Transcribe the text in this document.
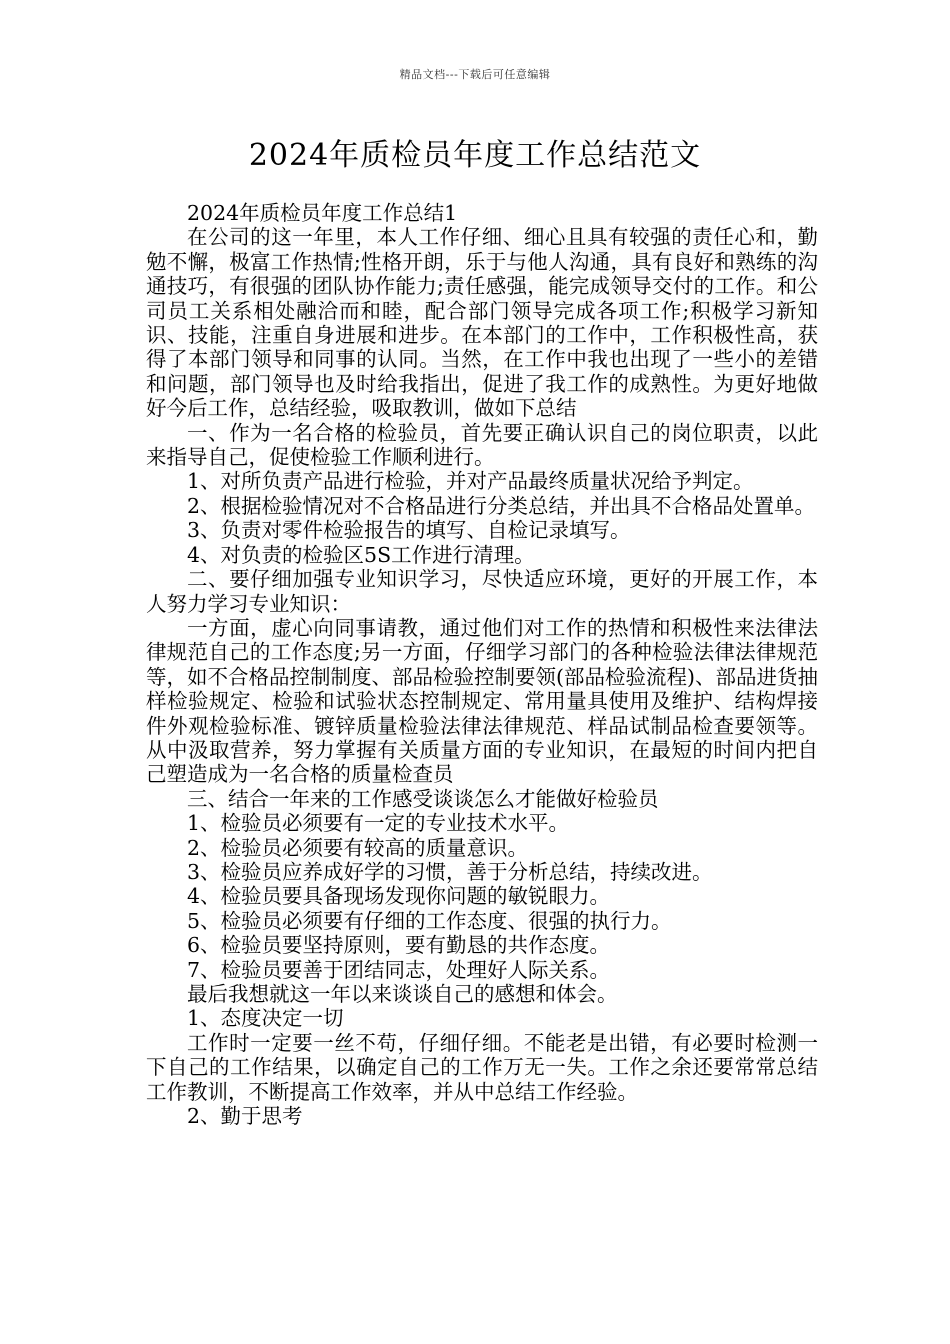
精品文档---下载后可任意编辑
2024年质检员年度工作总结范文

2024年质检员年度工作总结1

在公司的这一年里，本人工作仔细、细心且具有较强的责任心和，勤勉不懈，极富工作热情;性格开朗，乐于与他人沟通，具有良好和熟练的沟通技巧，有很强的团队协作能力;责任感强，能完成领导交付的工作。和公司员工关系相处融洽而和睦，配合部门领导完成各项工作;积极学习新知识、技能，注重自身进展和进步。在本部门的工作中，工作积极性高，获得了本部门领导和同事的认同。当然，在工作中我也出现了一些小的差错和问题，部门领导也及时给我指出，促进了我工作的成熟性。为更好地做好今后工作，总结经验，吸取教训，做如下总结

一、作为一名合格的检验员，首先要正确认识自己的岗位职责，以此来指导自己，促使检验工作顺利进行。

1、对所负责产品进行检验，并对产品最终质量状况给予判定。

2、根据检验情况对不合格品进行分类总结，并出具不合格品处置单。

3、负责对零件检验报告的填写、自检记录填写。

4、对负责的检验区5S工作进行清理。

二、要仔细加强专业知识学习，尽快适应环境，更好的开展工作，本人努力学习专业知识：

一方面，虚心向同事请教，通过他们对工作的热情和积极性来法律法律规范自己的工作态度;另一方面，仔细学习部门的各种检验法律法律规范等，如不合格品控制制度、部品检验控制要领(部品检验流程)、部品进货抽样检验规定、检验和试验状态控制规定、常用量具使用及维护、结构焊接件外观检验标准、镀锌质量检验法律法律规范、样品试制品检查要领等。从中汲取营养，努力掌握有关质量方面的专业知识，在最短的时间内把自己塑造成为一名合格的质量检查员

三、结合一年来的工作感受谈谈怎么才能做好检验员

1、检验员必须要有一定的专业技术水平。

2、检验员必须要有较高的质量意识。

3、检验员应养成好学的习惯，善于分析总结，持续改进。

4、检验员要具备现场发现你问题的敏锐眼力。

5、检验员必须要有仔细的工作态度、很强的执行力。

6、检验员要坚持原则，要有勤恳的共作态度。

7、检验员要善于团结同志，处理好人际关系。

最后我想就这一年以来谈谈自己的感想和体会。

1、态度决定一切

工作时一定要一丝不苟，仔细仔细。不能老是出错，有必要时检测一下自己的工作结果，以确定自己的工作万无一失。工作之余还要常常总结工作教训，不断提高工作效率，并从中总结工作经验。

2、勤于思考
